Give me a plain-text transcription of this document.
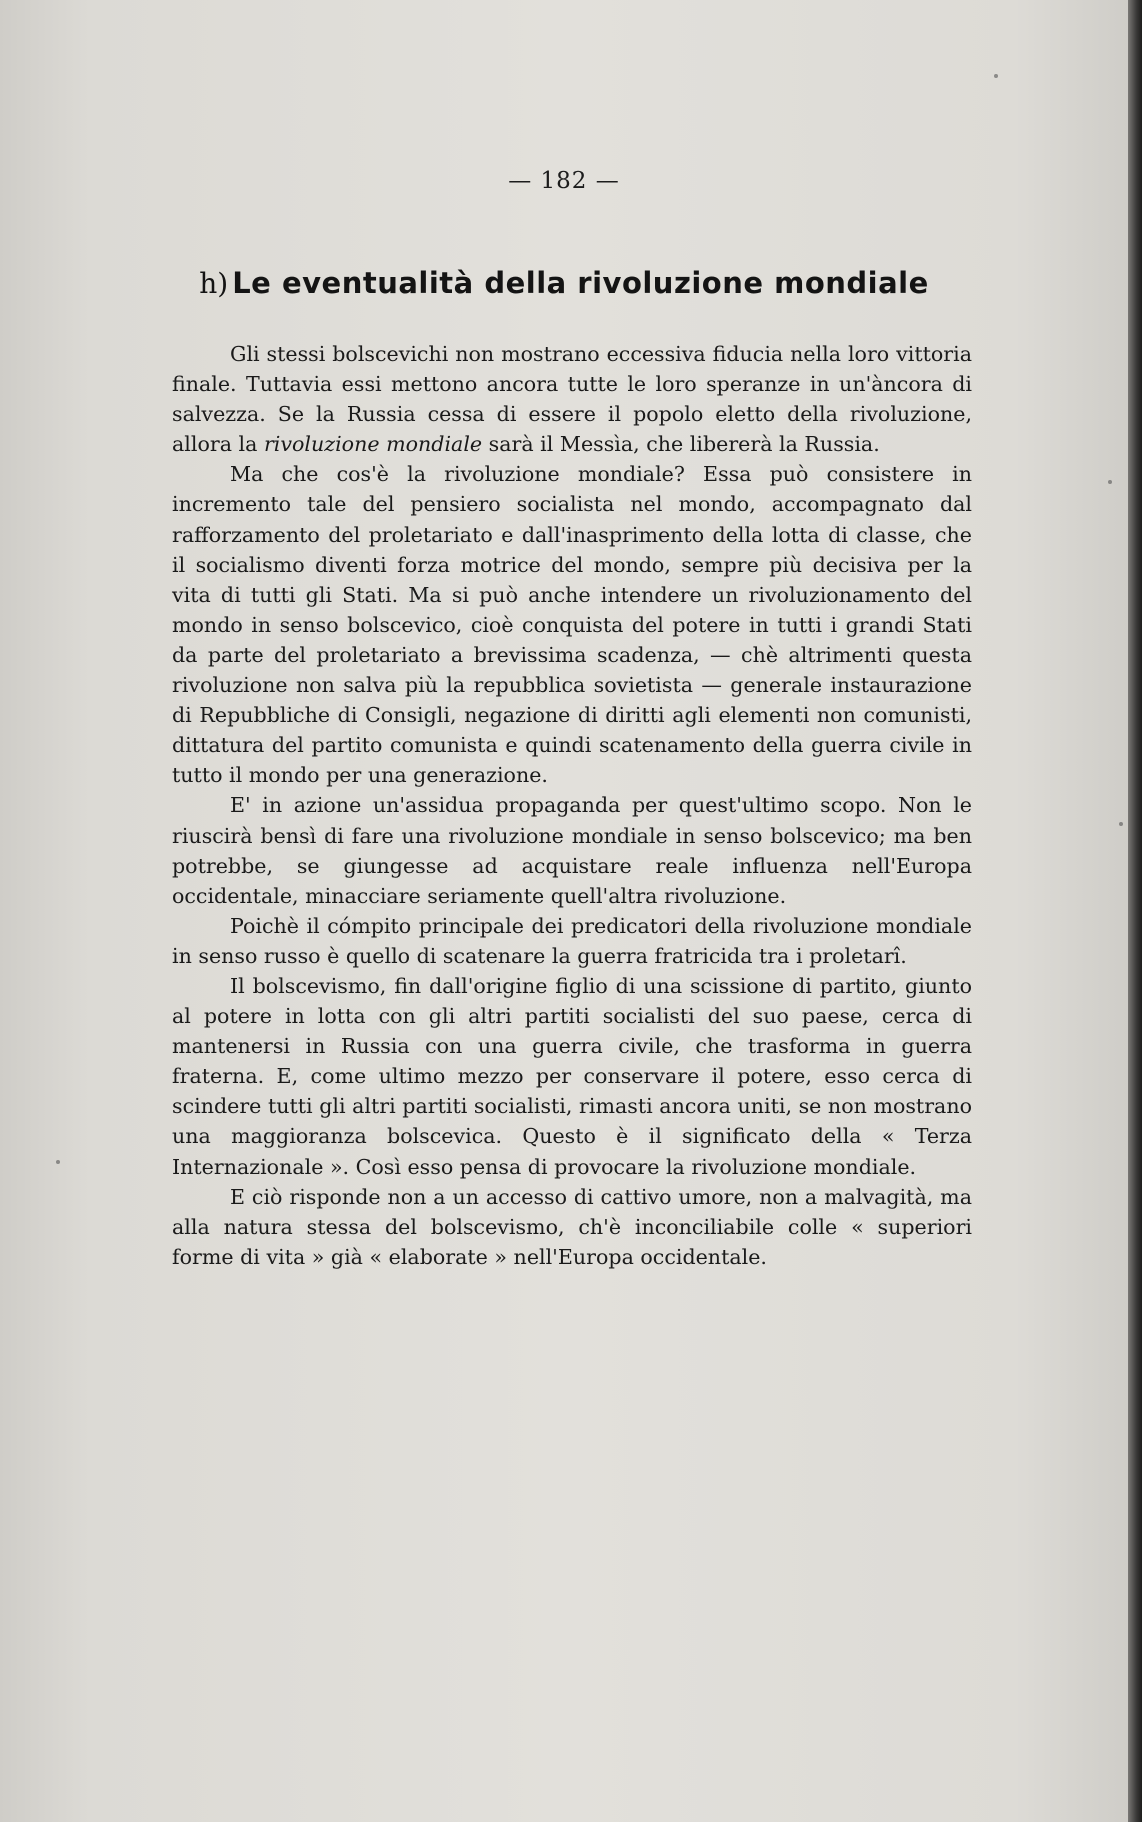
— 182 —
h) Le eventualità della rivoluzione mondiale

Gli stessi bolscevichi non mostrano eccessiva fiducia nella loro vittoria finale. Tuttavia essi mettono ancora tutte le loro speranze in un'àncora di salvezza. Se la Russia cessa di essere il popolo eletto della rivoluzione, allora la rivoluzione mondiale sarà il Messìa, che libererà la Russia.

Ma che cos'è la rivoluzione mondiale? Essa può consistere in incremento tale del pensiero socialista nel mondo, accompagnato dal rafforzamento del proletariato e dall'inasprimento della lotta di classe, che il socialismo diventi forza motrice del mondo, sempre più decisiva per la vita di tutti gli Stati. Ma si può anche intendere un rivoluzionamento del mondo in senso bolscevico, cioè conquista del potere in tutti i grandi Stati da parte del proletariato a brevissima scadenza, — chè altrimenti questa rivoluzione non salva più la repubblica sovietista — generale instaurazione di Repubbliche di Consigli, negazione di diritti agli elementi non comunisti, dittatura del partito comunista e quindi scatenamento della guerra civile in tutto il mondo per una generazione.

E' in azione un'assidua propaganda per quest'ultimo scopo. Non le riuscirà bensì di fare una rivoluzione mondiale in senso bolscevico; ma ben potrebbe, se giungesse ad acquistare reale influenza nell'Europa occidentale, minacciare seriamente quell'altra rivoluzione.

Poichè il cómpito principale dei predicatori della rivoluzione mondiale in senso russo è quello di scatenare la guerra fratricida tra i proletarî.

Il bolscevismo, fin dall'origine figlio di una scissione di partito, giunto al potere in lotta con gli altri partiti socialisti del suo paese, cerca di mantenersi in Russia con una guerra civile, che trasforma in guerra fraterna. E, come ultimo mezzo per conservare il potere, esso cerca di scindere tutti gli altri partiti socialisti, rimasti ancora uniti, se non mostrano una maggioranza bolscevica. Questo è il significato della « Terza Internazionale ». Così esso pensa di provocare la rivoluzione mondiale.

E ciò risponde non a un accesso di cattivo umore, non a malvagità, ma alla natura stessa del bolscevismo, ch'è inconciliabile colle « superiori forme di vita » già « elaborate » nell'Europa occidentale.
